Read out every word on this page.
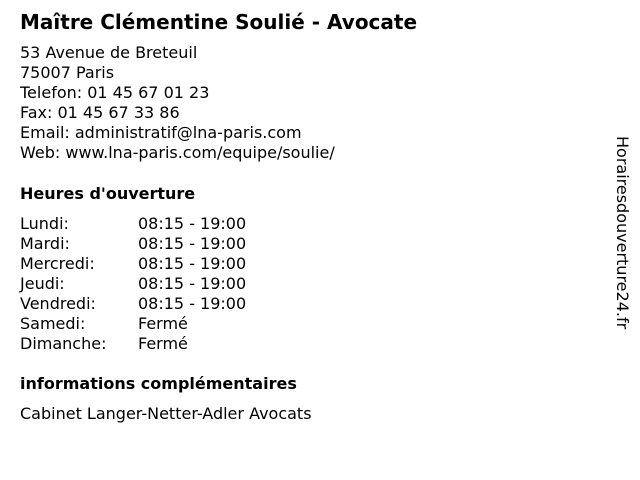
Maître Clémentine Soulié - Avocate
53 Avenue de Breteuil
75007 Paris
Telefon: 01 45 67 01 23
Fax: 01 45 67 33 86
Email: administratif@lna-paris.com
Web: www.lna-paris.com/equipe/soulie/
Heures d'ouverture
Lundi:	08:15 - 19:00
Mardi:	08:15 - 19:00
Mercredi:	08:15 - 19:00
Jeudi:	08:15 - 19:00
Vendredi:	08:15 - 19:00
Samedi:	Fermé
Dimanche: Fermé
informations complémentaires
Cabinet Langer-Netter-Adler Avocats
Horairesdouverture24.fr
